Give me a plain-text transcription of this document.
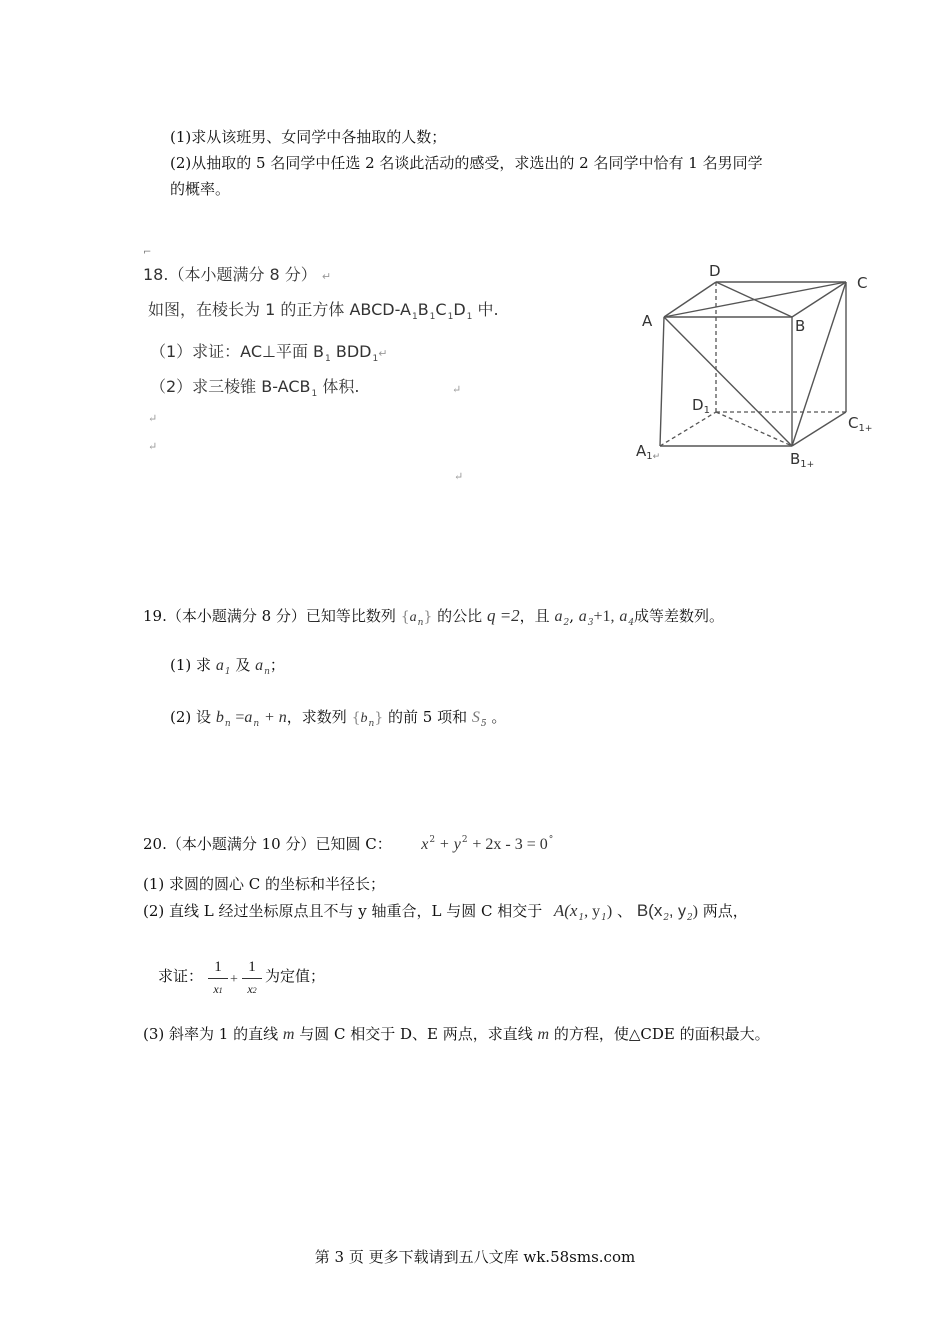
(1)求从该班男、女同学中各抽取的人数；
(2)从抽取的 5 名同学中任选 2 名谈此活动的感受，求选出的 2 名同学中恰有 1 名男同学
的概率。
⌐
18.（本小题满分 8 分） ↵
如图，在棱长为 1 的正方体 ABCD-$A_1B_1C_1D_1$ 中.
（1）求证：AC⊥平面 $B_1$ $BDD_1↵$
（2）求三棱锥 $B-ACB_1$ 体积.	↵
↵
↵
↵
D
C
A	B
$D_1$
$C_1+$
$A_1↵$	$B_1+$
19.（本小题满分 8 分）已知等比数列 $\{a_n\}$ 的公比 q =2，且 $a_2$, $a_3+1$, $a_4$成等差数列。
(1) 求 $a_1$ 及 $a_n$；
(2) 设 $b_n =a_n + n$，求数列 $\{b_n\}$ 的前 5 项和 $S_5$ 。
20.（本小题满分 10 分）已知圆 C： $x^2 + y^2 + 2x - 3 = 0^\circ$
(1) 求圆的圆心 C 的坐标和半径长；
(2) 直线 L 经过坐标原点且不与 y 轴重合，L 与圆 C 相交于 $A(x_1$, $y_1$) 、 $B(x_2$, $y_2$) 两点，
求证： 1
x1
+
1
x2
为定值；
(3) 斜率为 1 的直线 m 与圆 C 相交于 D、E 两点，求直线 m 的方程，使△CDE 的面积最大。
第 3 页 更多下载请到五八文库 wk.58sms.com
